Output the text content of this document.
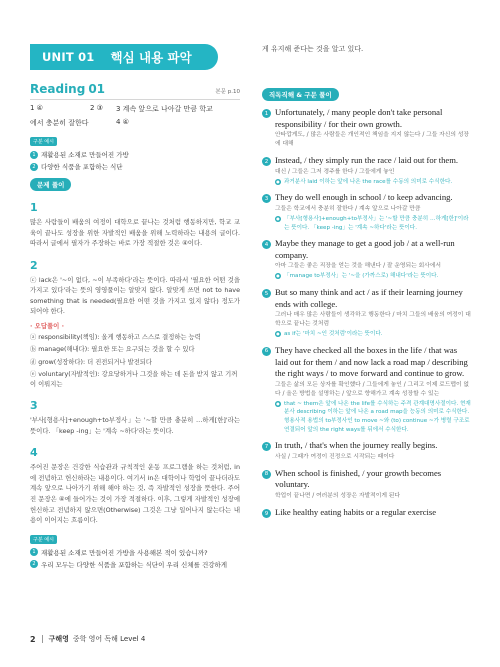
UNIT 01 핵심 내용 파악
게 유지해 준다는 것을 알고 있다.
Reading 01	본문 p.10
1 ④	2 ③	3 계속 앞으로 나아갈 만큼 학교
에서 충분히 잘한다	4 ④
구분 예시
1 재활용된 소재로 만들어진 가방
2 다양한 식품을 포함하는 식단
문제 풀이
1
많은 사람들이 배움의 여정이 대학으로 끝나는 것처럼 행동하지만, 학교 교육이 끝나도 성장을 위한 자발적인 배움을 위해 노력하라는 내용의 글이다. 따라서 글에서 필자가 주장하는 바로 가장 적절한 것은 ④이다.
2
ⓒ lack은 '~이 없다, ~이 부족하다'라는 뜻이다. 따라서 '필요한 어떤 것을 가지고 있다'라는 뜻의 영영풀이는 알맞지 않다. 알맞게 쓰면 not to have something that is needed(필요한 어떤 것을 가지고 있지 않다) 정도가 되어야 한다.
· 오답풀이 ·
ⓐ responsibility(책임): 올게 행동하고 스스로 결정하는 능력
ⓑ manage(해내다): 필요한 또는 요구되는 것을 할 수 있다
ⓓ grow(성장하다): 더 진전되거나 발전되다
ⓔ voluntary(자발적인): 강요당하거나 그것을 하는 데 돈을 받지 않고 기꺼이 이뤄지는
3
'부사[형용사]+enough+to부정사」는 '~할 만큼 충분히 …하게[한]'라는 뜻이다. 「keep -ing」는 '계속 ~하다'라는 뜻이다.
4
주어진 문장은 건강한 식습관과 규칙적인 운동 프로그램을 하는 것처럼, in에 전념하고 헌신하라는 내용이다. 여기서 in은 대학이나 학업이 끝나더라도 계속 앞으로 나아가기 위해 해야 하는 것, 즉 자발적인 성장을 뜻한다. 주어진 문장은 ④에 들어가는 것이 가장 적절하다. 이후, 그렇게 자발적인 성장에 헌신하고 전념하지 않으면(Otherwise) 그것은 그냥 일어나지 않는다는 내용이 이어지는 흐름이다.
구분 예시
1 재활용된 소재로 만들어진 가방을 사용해본 적이 있습니까?
2 우리 모두는 다양한 식품을 포함하는 식단이 우리 신체를 건강하게
직독직해 & 구문 풀이
1 Unfortunately, / many people don't take personal responsibility / for their own growth.
안타깝게도, / 많은 사람들은 개인적인 책임을 지지 않는다 / 그들 자신의 성장에 대해
2 Instead, / they simply run the race / laid out for them.
대신 / 그들은 그저 경주를 한다 / 그들에게 놓인
● 과거분사 laid 이하는 앞에 나온 the race를 수동의 의미로 수식한다.
3 They do well enough in school / to keep advancing.
그들은 학교에서 충분히 잘한다 / 계속 앞으로 나아갈 만큼
● 「부사[형용사]+enough+to부정사」는 '~할 만큼 충분히 …하게[한]'이라는 뜻이다. 「keep -ing」는 '계속 ~하다'라는 뜻이다.
4 Maybe they manage to get a good job / at a well-run company.
아마 그들은 좋은 직장을 얻는 것을 해낸다 / 잘 운영되는 회사에서
● 「manage to부정사」는 '~을 (가까스로) 해내다'라는 뜻이다.
5 But so many think and act / as if their learning journey ends with college.
그러나 매우 많은 사람들이 생각하고 행동한다 / 마치 그들의 배움의 여정이 대학으로 끝나는 것처럼
● as if는 '마치 ~인 것처럼'이라는 뜻이다.
6 They have checked all the boxes in the life / that was laid out for them / and now lack a road map / describing the right ways / to move forward and continue to grow.
그들은 삶의 모든 상자를 확인했다 / 그들에게 놓인 / 그리고 이제 로드맵이 없다 / 올은 방법을 설명하는 / 앞으로 향해가고 계속 성장할 수 있는
● that ~ them은 앞에 나온 the life를 수식하는 주격 관계대명사절이다. 현재분사 describing 이하는 앞에 나온 a road map을 능동의 의미로 수식한다. 형용사적 용법의 to부정사인 to move ~와 (to) continue ~가 병렬 구조로 연결되어 앞의 the right ways를 뒤에서 수식한다.
7 In truth, / that's when the journey really begins.
사실 / 그때가 여정이 진정으로 시작되는 때이다
8 When school is finished, / your growth becomes voluntary.
학업이 끝나면 / 여러분의 성장은 자발적이게 된다
9 Like healthy eating habits or a regular exercise
2 구해영 중학 영어 독해 Level 4
